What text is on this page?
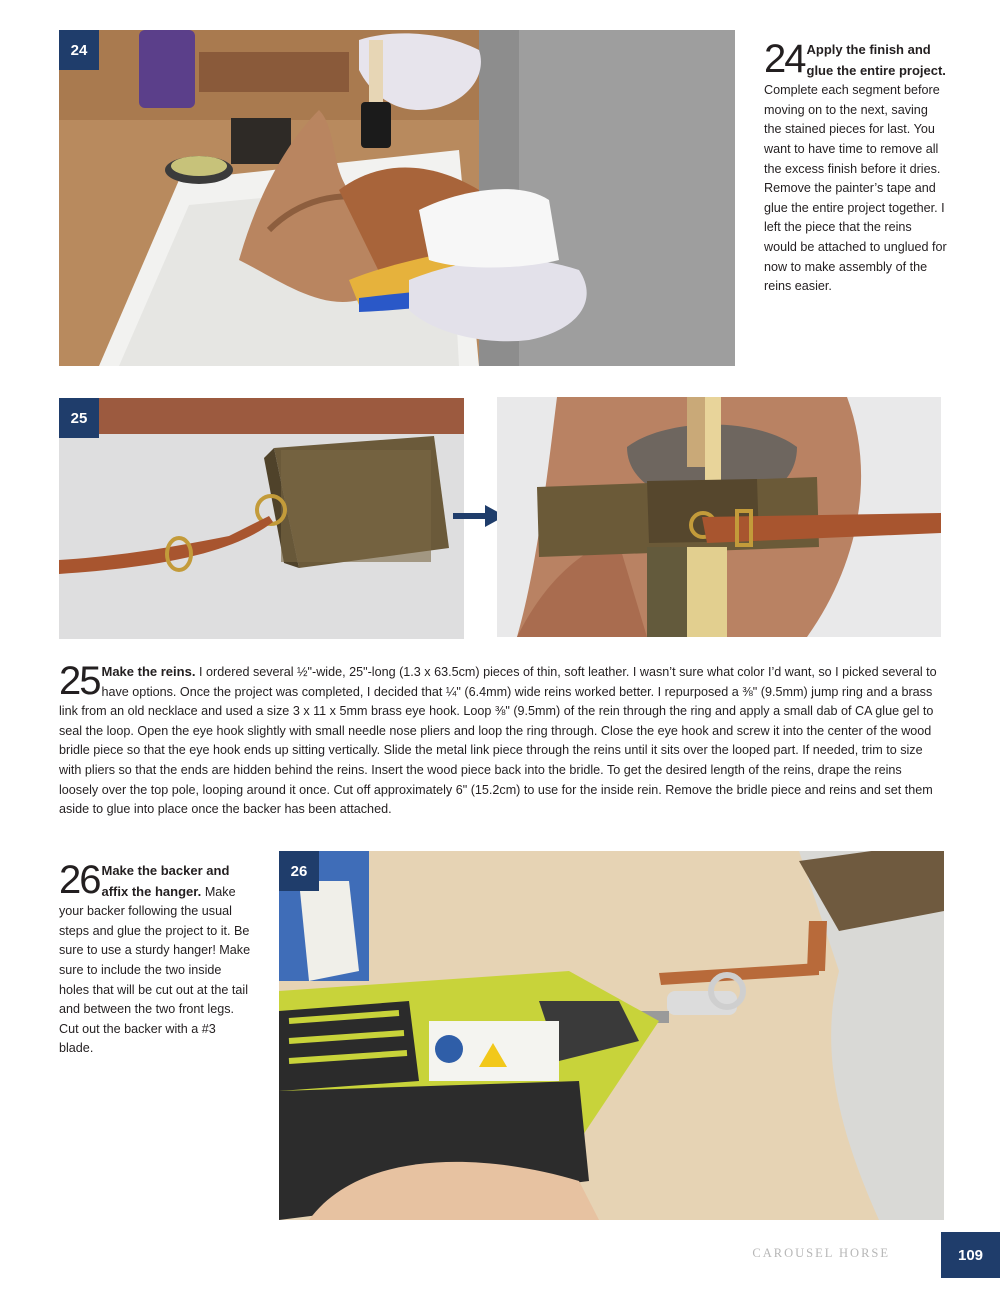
24	24 Apply the finish and glue the entire project. Complete each segment before moving on to the next, saving the stained pieces for last. You want to have time to remove all the excess finish before it dries. Remove the painter’s tape and glue the entire project together. I left the piece that the reins would be attached to unglued for now to make assembly of the reins easier.
25
25 Make the reins. I ordered several ½"-wide, 25"-long (1.3 x 63.5cm) pieces of thin, soft leather. I wasn’t sure what color I’d want, so I picked several to have options. Once the project was completed, I decided that ¼" (6.4mm) wide reins worked better. I repurposed a ⅜" (9.5mm) jump ring and a brass link from an old necklace and used a size 3 x 11 x 5mm brass eye hook. Loop ⅜" (9.5mm) of the rein through the ring and apply a small dab of CA glue gel to seal the loop. Open the eye hook slightly with small needle nose pliers and loop the ring through. Close the eye hook and screw it into the center of the wood bridle piece so that the eye hook ends up sitting vertically. Slide the metal link piece through the reins until it sits over the looped part. If needed, trim to size with pliers so that the ends are hidden behind the reins. Insert the wood piece back into the bridle. To get the desired length of the reins, drape the reins loosely over the top pole, looping around it once. Cut off approximately 6" (15.2cm) to use for the inside rein. Remove the bridle piece and reins and set them aside to glue into place once the backer has been attached.
26 Make the backer and affix the hanger. Make your backer following the usual steps and glue the project to it. Be sure to use a sturdy hanger! Make sure to include the two inside holes that will be cut out at the tail and between the two front legs. Cut out the backer with a #3 blade.
26
CAROUSEL HORSE	109
